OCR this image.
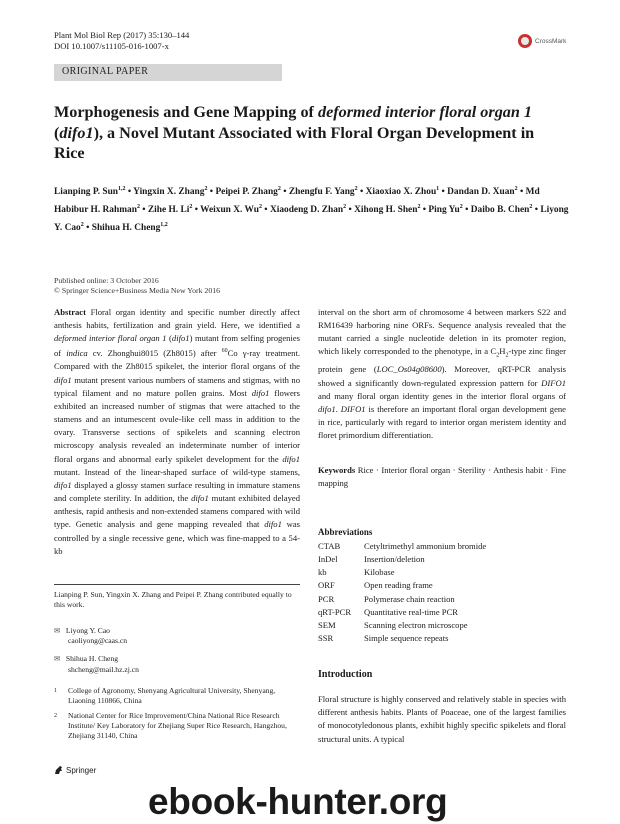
Plant Mol Biol Rep (2017) 35:130–144
DOI 10.1007/s11105-016-1007-x	CrossMark
ORIGINAL PAPER
Morphogenesis and Gene Mapping of deformed interior floral organ 1 (difo1), a Novel Mutant Associated with Floral Organ Development in Rice
Lianping P. Sun$^{1,2}$ • Yingxin X. Zhang$^2$ • Peipei P. Zhang$^2$ • Zhengfu F. Yang$^2$ • Xiaoxiao X. Zhou$^1$ • Dandan D. Xuan$^2$ • Md Habibur H. Rahman$^2$ • Zihe H. Li$^2$ • Weixun X. Wu$^2$ • Xiaodeng D. Zhan$^2$ • Xihong H. Shen$^2$ • Ping Yu$^2$ • Daibo B. Chen$^2$ • Liyong Y. Cao$^2$ • Shihua H. Cheng$^{1,2}$
Published online: 3 October 2016
© Springer Science+Business Media New York 2016
Abstract Floral organ identity and specific number directly affect anthesis habits, fertilization and grain yield. Here, we identified a deformed interior floral organ 1 (difo1) mutant from selfing progenies of indica cv. Zhonghui8015 (Zh8015) after $^{60}$Co γ-ray treatment. Compared with the Zh8015 spikelet, the interior floral organs of the difo1 mutant present various numbers of stamens and stigmas, with no typical filament and no mature pollen grains. Most difo1 flowers exhibited an increased number of stigmas that were attached to the stamens and an intumescent ovule-like cell mass in addition to the ovary. Transverse sections of spikelets and scanning electron microscopy analysis revealed an indeterminate number of interior floral organs and abnormal early spikelet development for the difo1 mutant. Instead of the linear-shaped surface of wild-type stamens, difo1 displayed a glossy stamen surface resulting in immature stamens and complete sterility. In addition, the difo1 mutant exhibited delayed anthesis, rapid anthesis and non-extended stamens compared with wild type. Genetic analysis and gene mapping revealed that difo1 was controlled by a single recessive gene, which was fine-mapped to a 54-kb
interval on the short arm of chromosome 4 between markers S22 and RM16439 harboring nine ORFs. Sequence analysis revealed that the mutant carried a single nucleotide deletion in its promoter region, which likely corresponded to the phenotype, in a $C_2H_2$-type zinc finger protein gene (LOC_Os04g08600). Moreover, qRT-PCR analysis showed a significantly down-regulated expression pattern for DIFO1 and many floral organ identity genes in the interior floral organs of difo1. DIFO1 is therefore an important floral organ development gene in rice, particularly with regard to interior organ meristem identity and floret primordium differentiation.
Keywords Rice · Interior floral organ · Sterility · Anthesis habit · Fine mapping
Abbreviations
CTAB	Cetyltrimethyl ammonium bromide
InDel	Insertion/deletion
kb	Kilobase
ORF	Open reading frame
PCR	Polymerase chain reaction
qRT-PCR	Quantitative real-time PCR
SEM	Scanning electron microscope
SSR	Simple sequence repeats
Lianping P. Sun, Yingxin X. Zhang and Peipei P. Zhang contributed equally to this work.
✉ Liyong Y. Cao
caoliyong@caas.cn
✉ Shihua H. Cheng
shcheng@mail.hz.zj.cn
1	College of Agronomy, Shenyang Agricultural University, Shenyang, Liaoning 110866, China
2	National Center for Rice Improvement/China National Rice Research Institute/ Key Laboratory for Zhejiang Super Rice Research, Hangzhou, Zhejiang 31140, China
Introduction
Floral structure is highly conserved and relatively stable in species with different anthesis habits. Plants of Poaceae, one of the largest families of monocotyledonous plants, exhibit highly specific spikelets and floral structural units. A typical
Springer
ebook-hunter.org
